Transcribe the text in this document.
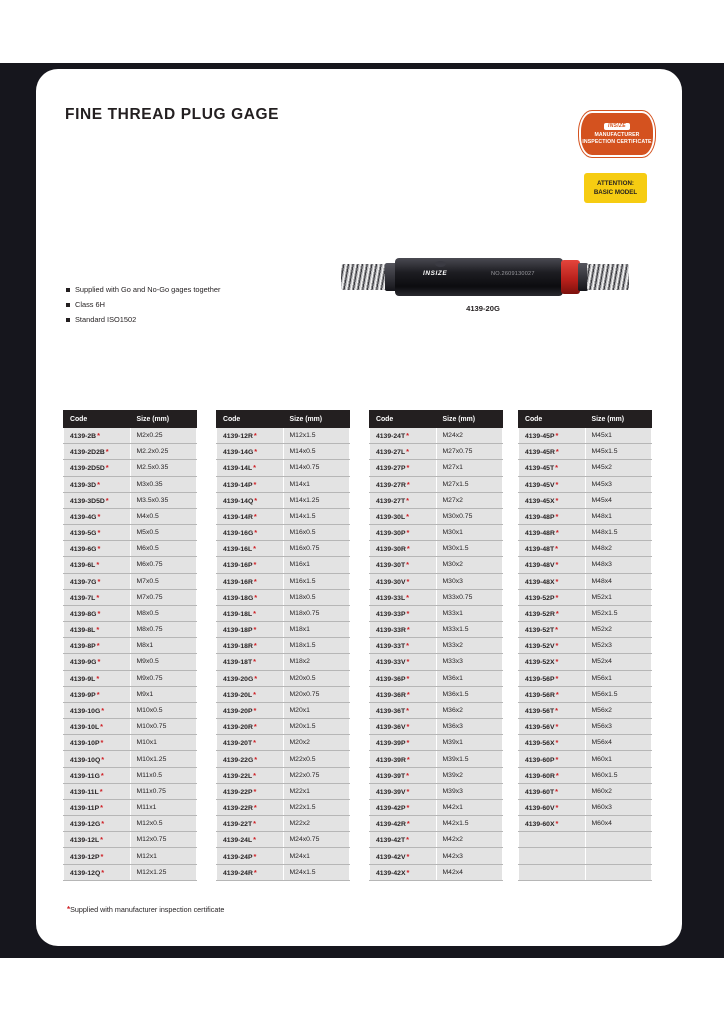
FINE THREAD PLUG GAGE
INSIZE
MANUFACTURER
INSPECTION CERTIFICATE
ATTENTION:
BASIC MODEL
Supplied with Go and No-Go gages together
Class 6H
Standard ISO1502
INSIZE	NO.2609130027
4139-20G
Code	Size (mm)
4139-2B*	M2x0.25
4139-2D2B*	M2.2x0.25
4139-2D5D*	M2.5x0.35
4139-3D*	M3x0.35
4139-3D5D*	M3.5x0.35
4139-4G*	M4x0.5
4139-5G*	M5x0.5
4139-6G*	M6x0.5
4139-6L*	M6x0.75
4139-7G*	M7x0.5
4139-7L*	M7x0.75
4139-8G*	M8x0.5
4139-8L*	M8x0.75
4139-8P*	M8x1
4139-9G*	M9x0.5
4139-9L*	M9x0.75
4139-9P*	M9x1
4139-10G*	M10x0.5
4139-10L*	M10x0.75
4139-10P*	M10x1
4139-10Q*	M10x1.25
4139-11G*	M11x0.5
4139-11L*	M11x0.75
4139-11P*	M11x1
4139-12G*	M12x0.5
4139-12L*	M12x0.75
4139-12P*	M12x1
4139-12Q*	M12x1.25
Code	Size (mm)
4139-12R*	M12x1.5
4139-14G*	M14x0.5
4139-14L*	M14x0.75
4139-14P*	M14x1
4139-14Q*	M14x1.25
4139-14R*	M14x1.5
4139-16G*	M16x0.5
4139-16L*	M16x0.75
4139-16P*	M16x1
4139-16R*	M16x1.5
4139-18G*	M18x0.5
4139-18L*	M18x0.75
4139-18P*	M18x1
4139-18R*	M18x1.5
4139-18T*	M18x2
4139-20G*	M20x0.5
4139-20L*	M20x0.75
4139-20P*	M20x1
4139-20R*	M20x1.5
4139-20T*	M20x2
4139-22G*	M22x0.5
4139-22L*	M22x0.75
4139-22P*	M22x1
4139-22R*	M22x1.5
4139-22T*	M22x2
4139-24L*	M24x0.75
4139-24P*	M24x1
4139-24R*	M24x1.5
Code	Size (mm)
4139-24T*	M24x2
4139-27L*	M27x0.75
4139-27P*	M27x1
4139-27R*	M27x1.5
4139-27T*	M27x2
4139-30L*	M30x0.75
4139-30P*	M30x1
4139-30R*	M30x1.5
4139-30T*	M30x2
4139-30V*	M30x3
4139-33L*	M33x0.75
4139-33P*	M33x1
4139-33R*	M33x1.5
4139-33T*	M33x2
4139-33V*	M33x3
4139-36P*	M36x1
4139-36R*	M36x1.5
4139-36T*	M36x2
4139-36V*	M36x3
4139-39P*	M39x1
4139-39R*	M39x1.5
4139-39T*	M39x2
4139-39V*	M39x3
4139-42P*	M42x1
4139-42R*	M42x1.5
4139-42T*	M42x2
4139-42V*	M42x3
4139-42X*	M42x4
Code	Size (mm)
4139-45P*	M45x1
4139-45R*	M45x1.5
4139-45T*	M45x2
4139-45V*	M45x3
4139-45X*	M45x4
4139-48P*	M48x1
4139-48R*	M48x1.5
4139-48T*	M48x2
4139-48V*	M48x3
4139-48X*	M48x4
4139-52P*	M52x1
4139-52R*	M52x1.5
4139-52T*	M52x2
4139-52V*	M52x3
4139-52X*	M52x4
4139-56P*	M56x1
4139-56R*	M56x1.5
4139-56T*	M56x2
4139-56V*	M56x3
4139-56X*	M56x4
4139-60P*	M60x1
4139-60R*	M60x1.5
4139-60T*	M60x2
4139-60V*	M60x3
4139-60X*	M60x4

*Supplied with manufacturer inspection certificate
